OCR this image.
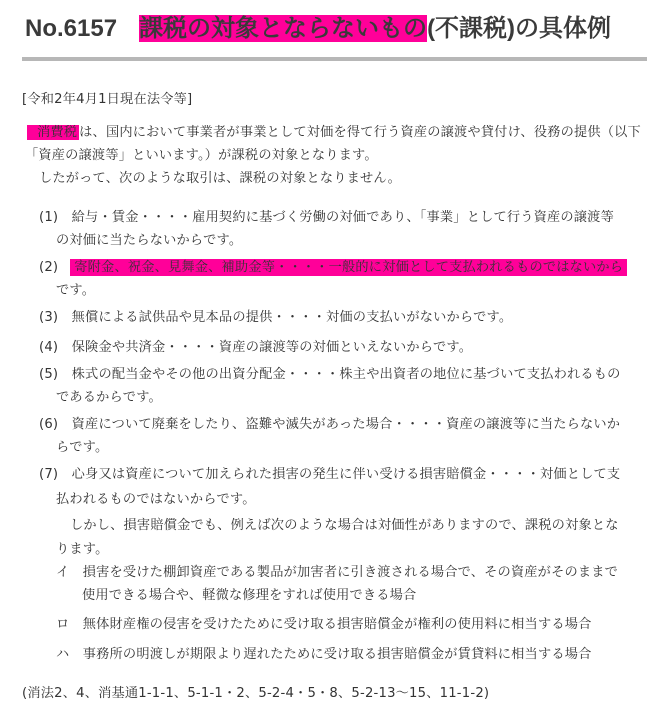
No.6157 課税の対象とならないもの(不課税)の具体例
[令和2年4月1日現在法令等]
消費税 は、国内において事業者が事業として対価を得て行う資産の譲渡や貸付け、役務の提供（以下
「資産の譲渡等」といいます。）が課税の対象となります。
したがって、次のような取引は、課税の対象となりません。
(1)　給与・賃金・・・・雇用契約に基づく労働の対価であり、「事業」として行う資産の譲渡等
の対価に当たらないからです。
(2) 寄附金、祝金、見舞金、補助金等・・・・一般的に対価として支払われるものではないから
です。
(3)　無償による試供品や見本品の提供・・・・対価の支払いがないからです。
(4)　保険金や共済金・・・・資産の譲渡等の対価といえないからです。
(5)　株式の配当金やその他の出資分配金・・・・株主や出資者の地位に基づいて支払われるもの
であるからです。
(6)　資産について廃棄をしたり、盗難や滅失があった場合・・・・資産の譲渡等に当たらないか
らです。
(7)　心身又は資産について加えられた損害の発生に伴い受ける損害賠償金・・・・対価として支
払われるものではないからです。
しかし、損害賠償金でも、例えば次のような場合は対価性がありますので、課税の対象とな
ります。
イ　損害を受けた棚卸資産である製品が加害者に引き渡される場合で、その資産がそのままで
使用できる場合や、軽微な修理をすれば使用できる場合
ロ　無体財産権の侵害を受けたために受け取る損害賠償金が権利の使用料に相当する場合
ハ　事務所の明渡しが期限より遅れたために受け取る損害賠償金が賃貸料に相当する場合
(消法2、4、消基通1-1-1、5-1-1・2、5-2-4・5・8、5-2-13〜15、11-1-2)
